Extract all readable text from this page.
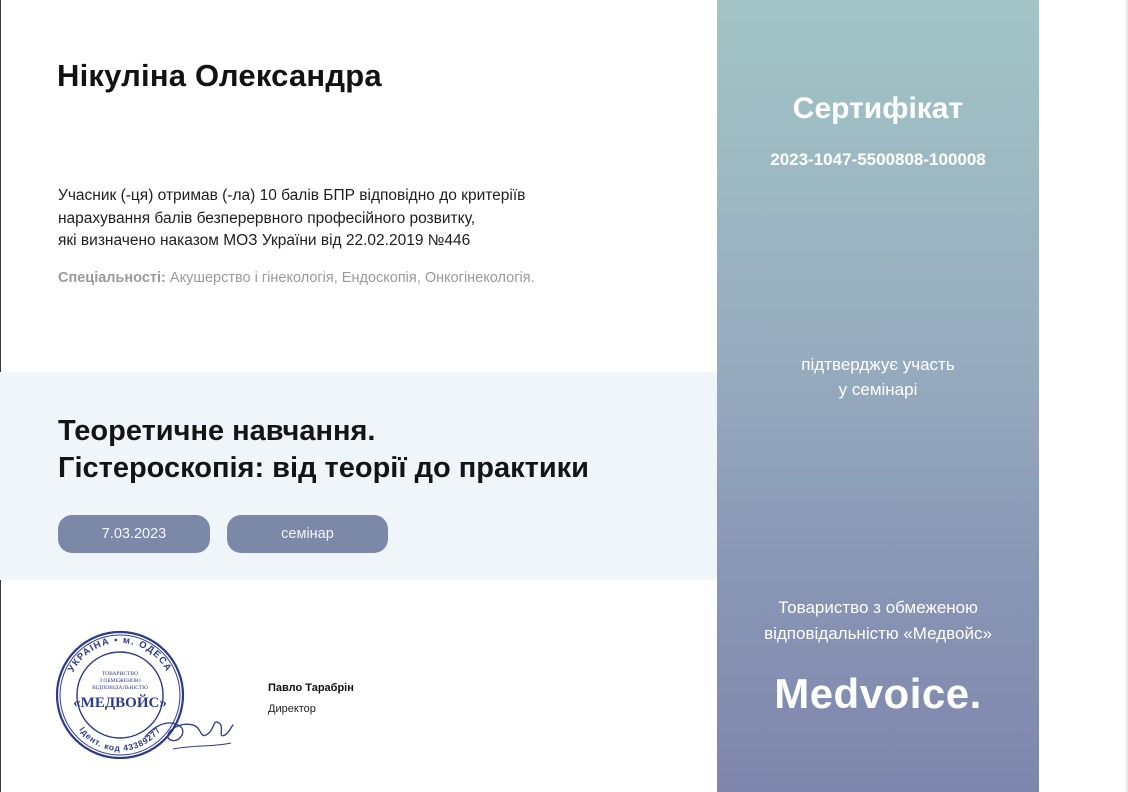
Нікуліна Олександра
Учасник (-ця) отримав (-ла) 10 балів БПР відповідно до критеріїв
нарахування балів безперервного професійного розвитку,
які визначено наказом МОЗ України від 22.02.2019 №446
Спеціальності: Акушерство і гінекологія, Ендоскопія, Онкогінекологія.
Теоретичне навчання.
Гістероскопія: від теорії до практики
7.03.2023	семінар
УКРАЇНА • м. ОДЕСА
Ідент. код 43389277
ТОВАРИСТВО
З ОБМЕЖЕНОЮ
ВІДПОВІДАЛЬНІСТЮ
«МЕДВОЙС»
Павло Тарабрін
Директор
Сертифікат
2023-1047-5500808-100008
підтверджує участь
у семінарі
Товариство з обмеженою
відповідальністю «Медвойс»
Medvoice.
